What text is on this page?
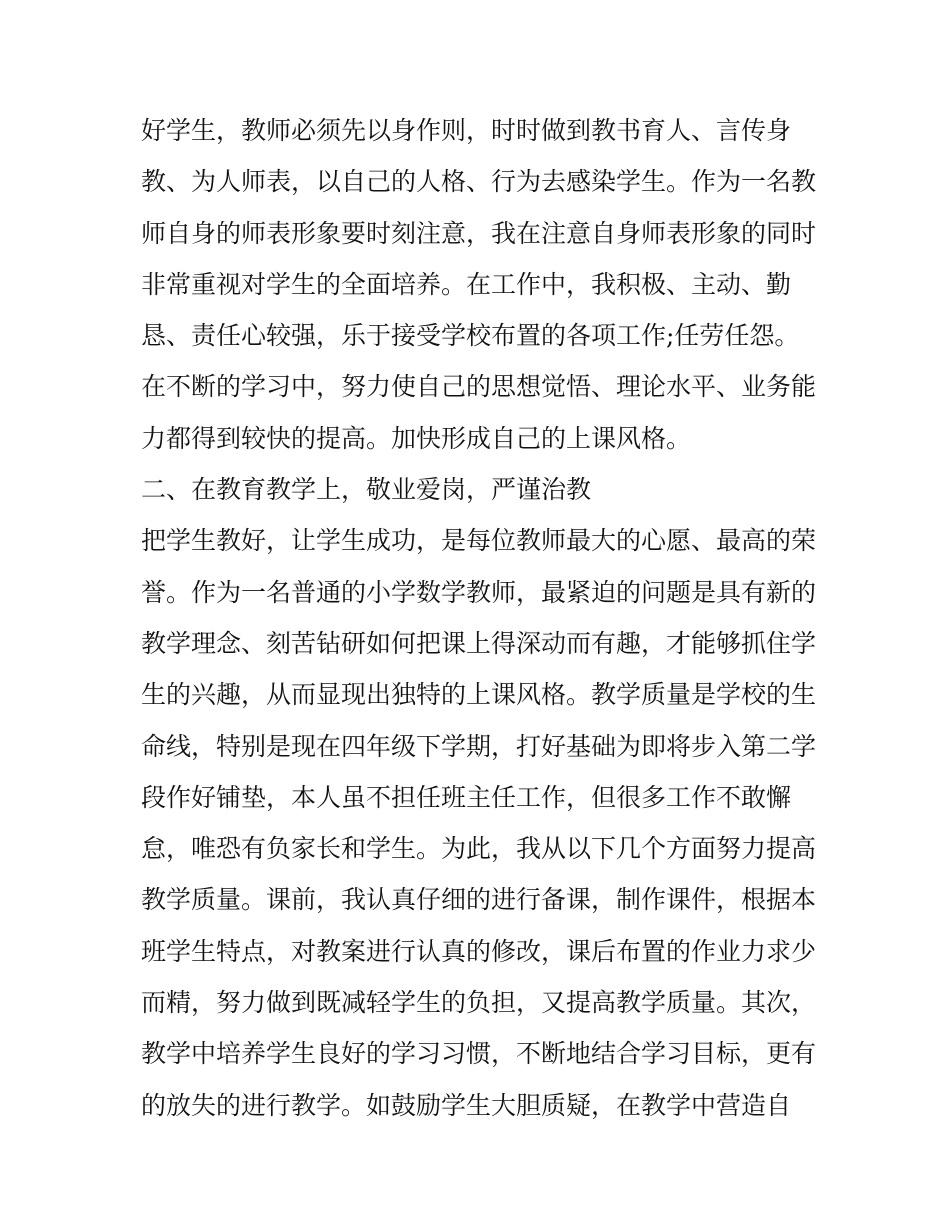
好学生，教师必须先以身作则，时时做到教书育人、言传身
教、为人师表，以自己的人格、行为去感染学生。作为一名教
师自身的师表形象要时刻注意，我在注意自身师表形象的同时
非常重视对学生的全面培养。在工作中，我积极、主动、勤
恳、责任心较强，乐于接受学校布置的各项工作;任劳任怨。
在不断的学习中，努力使自己的思想觉悟、理论水平、业务能
力都得到较快的提高。加快形成自己的上课风格。
二、在教育教学上，敬业爱岗，严谨治教
把学生教好，让学生成功，是每位教师最大的心愿、最高的荣
誉。作为一名普通的小学数学教师，最紧迫的问题是具有新的
教学理念、刻苦钻研如何把课上得深动而有趣，才能够抓住学
生的兴趣，从而显现出独特的上课风格。教学质量是学校的生
命线，特别是现在四年级下学期，打好基础为即将步入第二学
段作好铺垫，本人虽不担任班主任工作，但很多工作不敢懈
怠，唯恐有负家长和学生。为此，我从以下几个方面努力提高
教学质量。课前，我认真仔细的进行备课，制作课件，根据本
班学生特点，对教案进行认真的修改，课后布置的作业力求少
而精，努力做到既减轻学生的负担，又提高教学质量。其次，
教学中培养学生良好的学习习惯，不断地结合学习目标，更有
的放失的进行教学。如鼓励学生大胆质疑，在教学中营造自
